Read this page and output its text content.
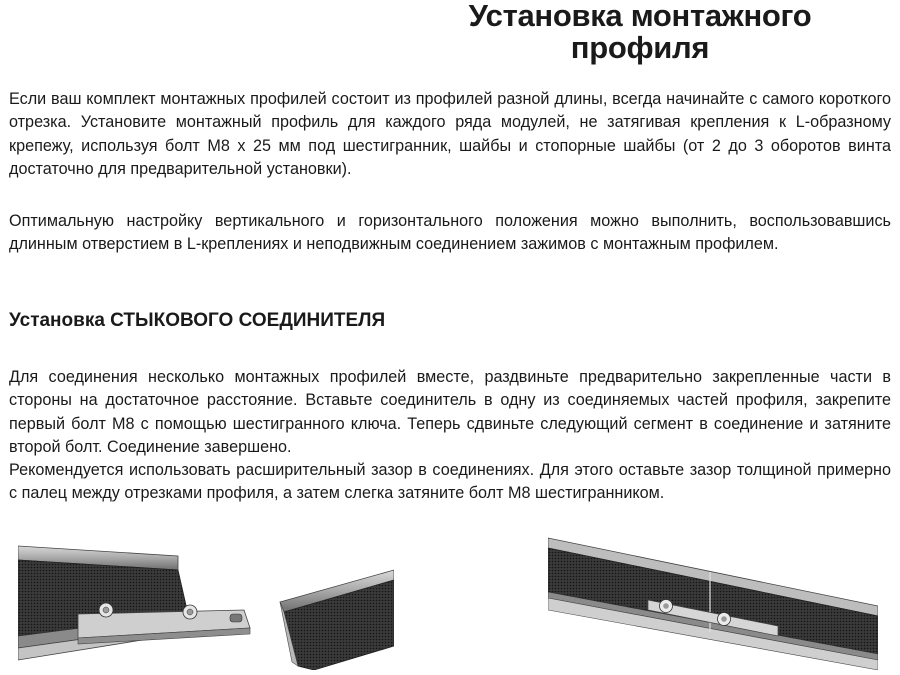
Установка монтажного
профиля
Если ваш комплект монтажных профилей состоит из профилей разной длины, всегда начинайте с самого короткого отрезка. Установите монтажный профиль для каждого ряда модулей, не затягивая крепления к L-образному крепежу, используя болт M8 x 25 мм под шестигранник, шайбы и стопорные шайбы (от 2 до 3 оборотов винта достаточно для предварительной установки).
Оптимальную настройку вертикального и горизонтального положения можно выполнить, воспользовавшись длинным отверстием в L-креплениях и неподвижным соединением зажимов с монтажным профилем.
Установка СТЫКОВОГО СОЕДИНИТЕЛЯ
Для соединения несколько монтажных профилей вместе, раздвиньте предварительно закрепленные части в стороны на достаточное расстояние. Вставьте соединитель в одну из соединяемых частей профиля, закрепите первый болт M8 с помощью шестигранного ключа. Теперь сдвиньте следующий сегмент в соединение и затяните второй болт. Соединение завершено.
Рекомендуется использовать расширительный зазор в соединениях. Для этого оставьте зазор толщиной примерно с палец между отрезками профиля, а затем слегка затяните болт M8 шестигранником.
